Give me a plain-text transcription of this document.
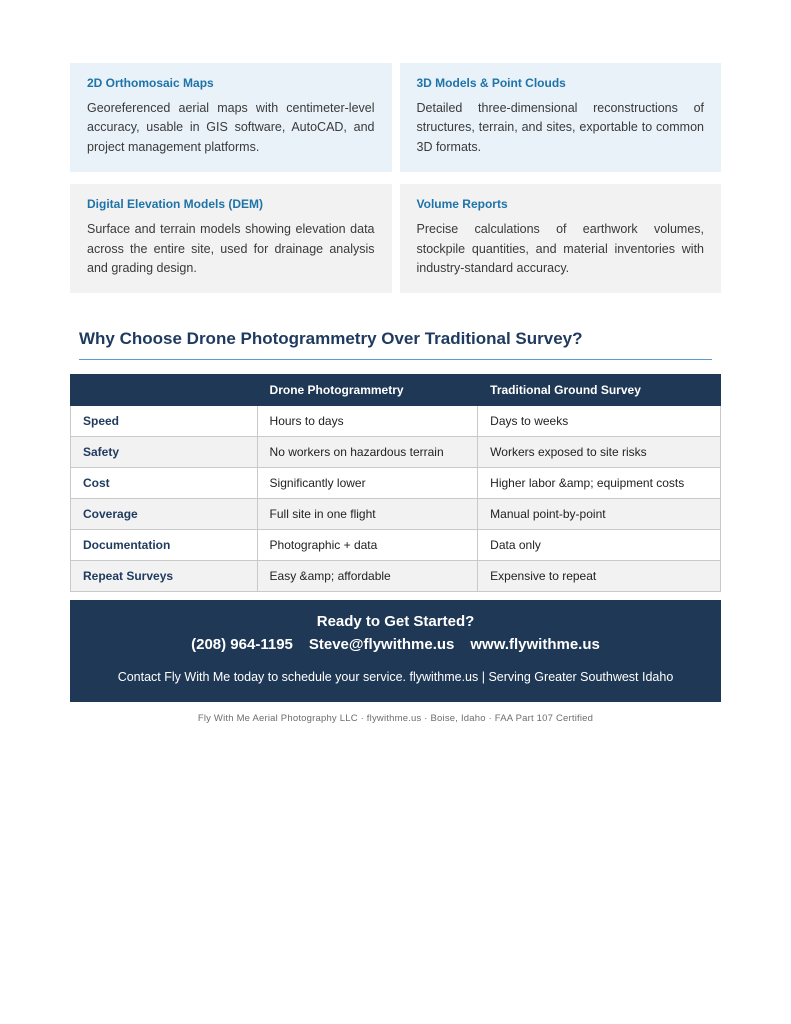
2D Orthomosaic Maps

Georeferenced aerial maps with centimeter-level accuracy, usable in GIS software, AutoCAD, and project management platforms.

3D Models & Point Clouds

Detailed three-dimensional reconstructions of structures, terrain, and sites, exportable to common 3D formats.

Digital Elevation Models (DEM)

Surface and terrain models showing elevation data across the entire site, used for drainage analysis and grading design.

Volume Reports

Precise calculations of earthwork volumes, stockpile quantities, and material inventories with industry-standard accuracy.

Why Choose Drone Photogrammetry Over Traditional Survey?
	Drone Photogrammetry	Traditional Ground Survey
Speed	Hours to days	Days to weeks
Safety	No workers on hazardous terrain	Workers exposed to site risks
Cost	Significantly lower	Higher labor &amp; equipment costs
Coverage	Full site in one flight	Manual point-by-point
Documentation	Photographic + data	Data only
Repeat Surveys	Easy &amp; affordable	Expensive to repeat
Ready to Get Started?
(208) 964-1195 Steve@flywithme.us www.flywithme.us
Contact Fly With Me today to schedule your service. flywithme.us | Serving Greater Southwest Idaho
Fly With Me Aerial Photography LLC · flywithme.us · Boise, Idaho · FAA Part 107 Certified
